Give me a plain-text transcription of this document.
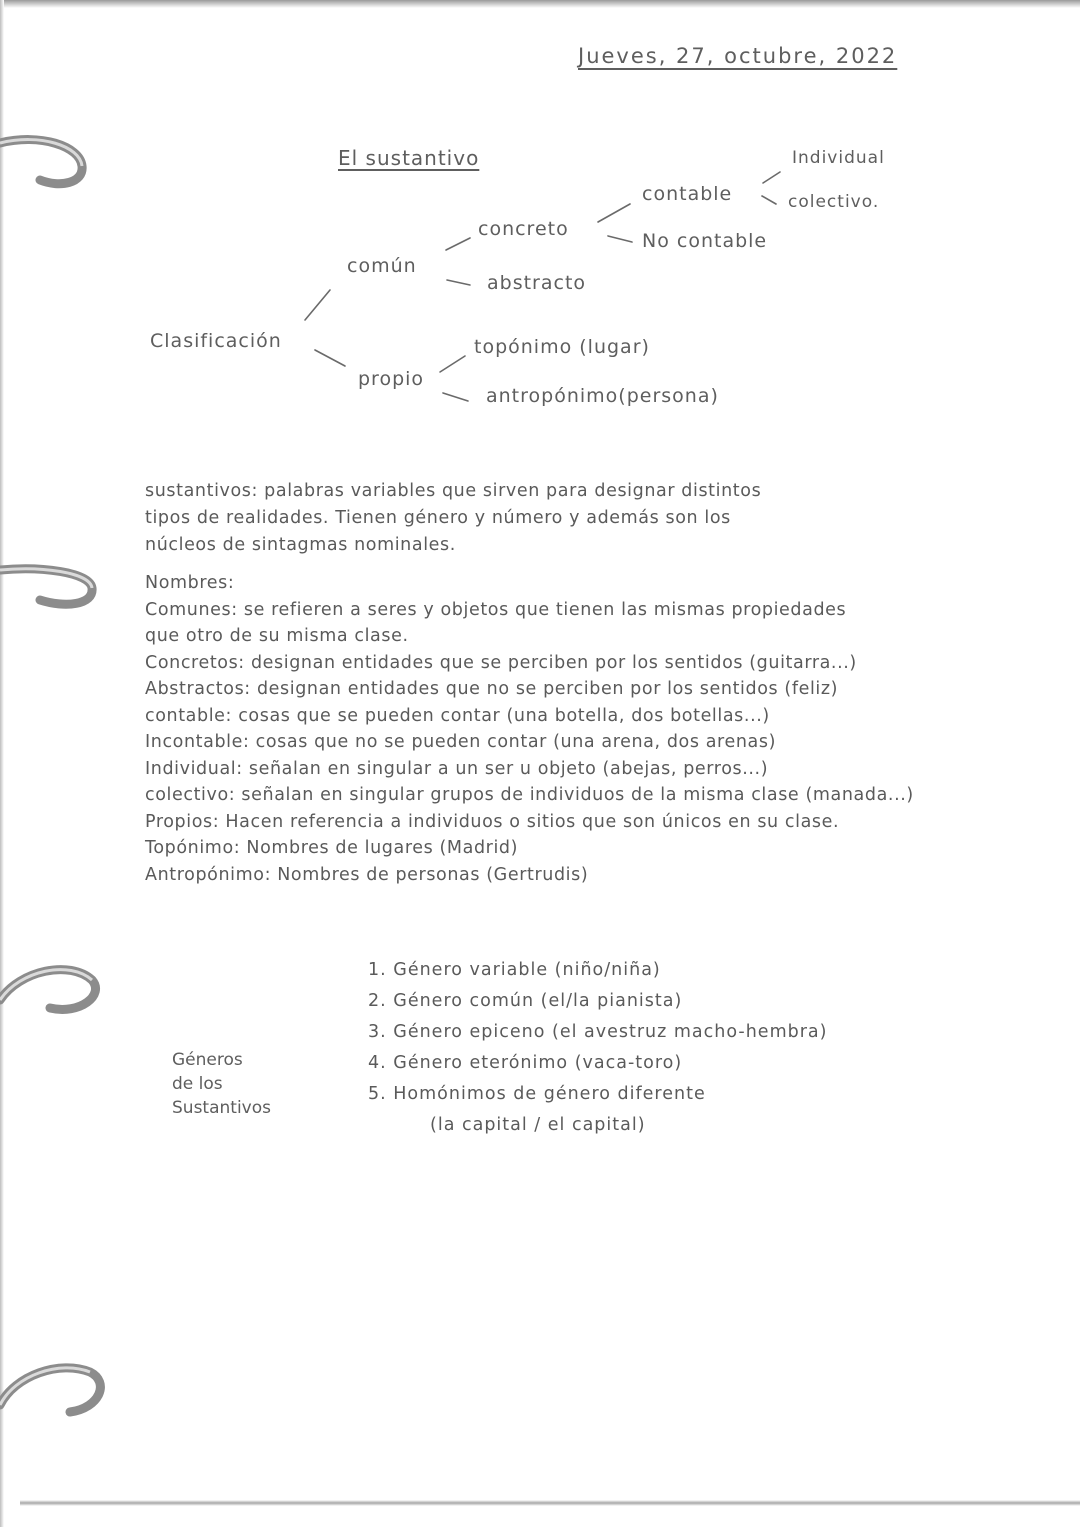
Jueves, 27, octubre, 2022
El sustantivo
Clasificación
común
propio
concreto
abstracto
contable
No contable
Individual
colectivo.
topónimo (lugar)
antropónimo(persona)
sustantivos: palabras variables que sirven para designar distintos
tipos de realidades. Tienen género y número y además son los
núcleos de sintagmas nominales.
Nombres:
Comunes: se refieren a seres y objetos que tienen las mismas propiedades
que otro de su misma clase.
Concretos: designan entidades que se perciben por los sentidos (guitarra...)
Abstractos: designan entidades que no se perciben por los sentidos (feliz)
contable: cosas que se pueden contar (una botella, dos botellas...)
Incontable: cosas que no se pueden contar (una arena, dos arenas)
Individual: señalan en singular a un ser u objeto (abejas, perros...)
colectivo: señalan en singular grupos de individuos de la misma clase (manada...)
Propios: Hacen referencia a individuos o sitios que son únicos en su clase.
Topónimo: Nombres de lugares (Madrid)
Antropónimo: Nombres de personas (Gertrudis)
Géneros
de los
Sustantivos
1. Género variable (niño/niña)
2. Género común (el/la pianista)
3. Género epiceno (el avestruz macho-hembra)
4. Género eterónimo (vaca-toro)
5. Homónimos de género diferente
(la capital / el capital)
